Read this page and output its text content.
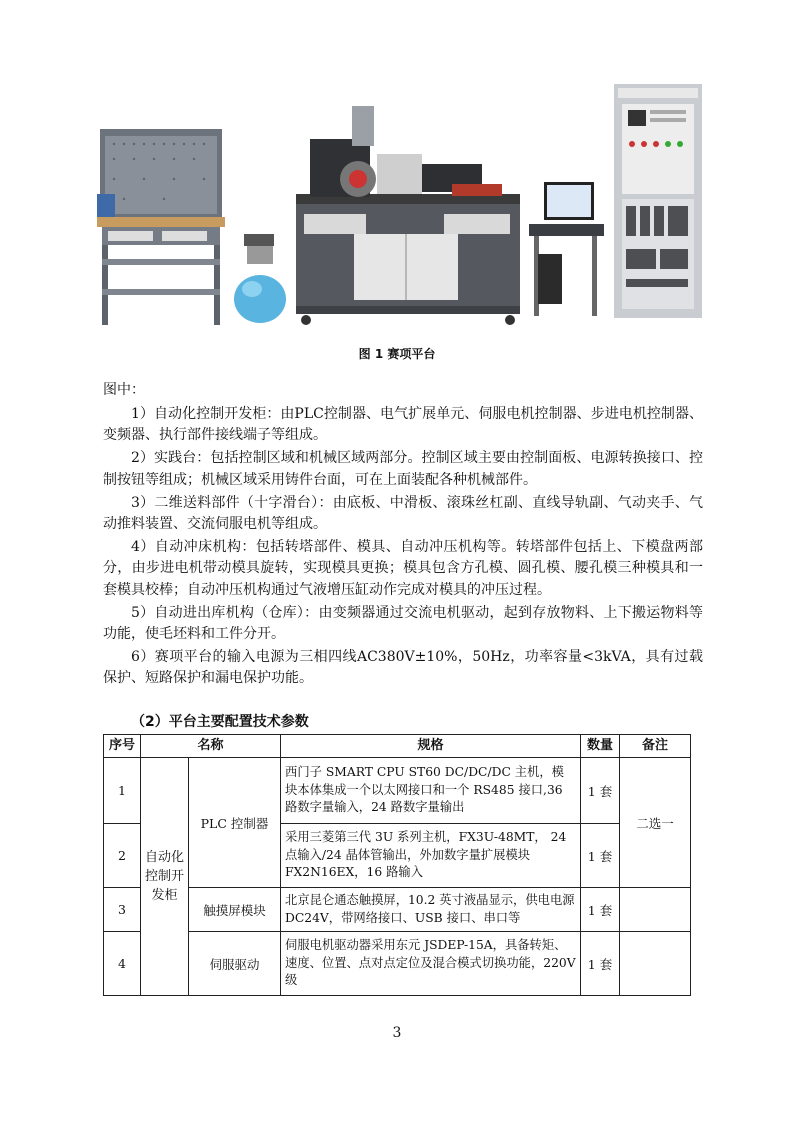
图 1 赛项平台
图中：

1）自动化控制开发柜：由PLC控制器、电气扩展单元、伺服电机控制器、步进电机控制器、变频器、执行部件接线端子等组成。

2）实践台：包括控制区域和机械区域两部分。控制区域主要由控制面板、电源转换接口、控制按钮等组成；机械区域采用铸件台面，可在上面装配各种机械部件。

3）二维送料部件（十字滑台）：由底板、中滑板、滚珠丝杠副、直线导轨副、气动夹手、气动推料装置、交流伺服电机等组成。

4）自动冲床机构：包括转塔部件、模具、自动冲压机构等。转塔部件包括上、下模盘两部分，由步进电机带动模具旋转，实现模具更换；模具包含方孔模、圆孔模、腰孔模三种模具和一套模具校棒；自动冲压机构通过气液增压缸动作完成对模具的冲压过程。

5）自动进出库机构（仓库）：由变频器通过交流电机驱动，起到存放物料、上下搬运物料等功能，使毛坯料和工件分开。

6）赛项平台的输入电源为三相四线AC380V±10%，50Hz，功率容量<3kVA，具有过载保护、短路保护和漏电保护功能。

（2）平台主要配置技术参数
序号	名称		规格	数量	备注
1	自动化控制开发柜	PLC 控制器	西门子 SMART CPU ST60 DC/DC/DC 主机，模块本体集成一个以太网接口和一个 RS485 接口,36 路数字量输入，24 路数字量输出	1 套	二选一
2			采用三菱第三代 3U 系列主机，FX3U-48MT， 24 点输入/24 晶体管输出，外加数字量扩展模块 FX2N16EX，16 路输入	1 套	
3		触摸屏模块	北京昆仑通态触摸屏，10.2 英寸液晶显示，供电电源 DC24V，带网络接口、USB 接口、串口等	1 套	
4		伺服驱动	伺服电机驱动器采用东元 JSDEP-15A，具备转矩、速度、位置、点对点定位及混合模式切换功能，220V 级	1 套	
3
